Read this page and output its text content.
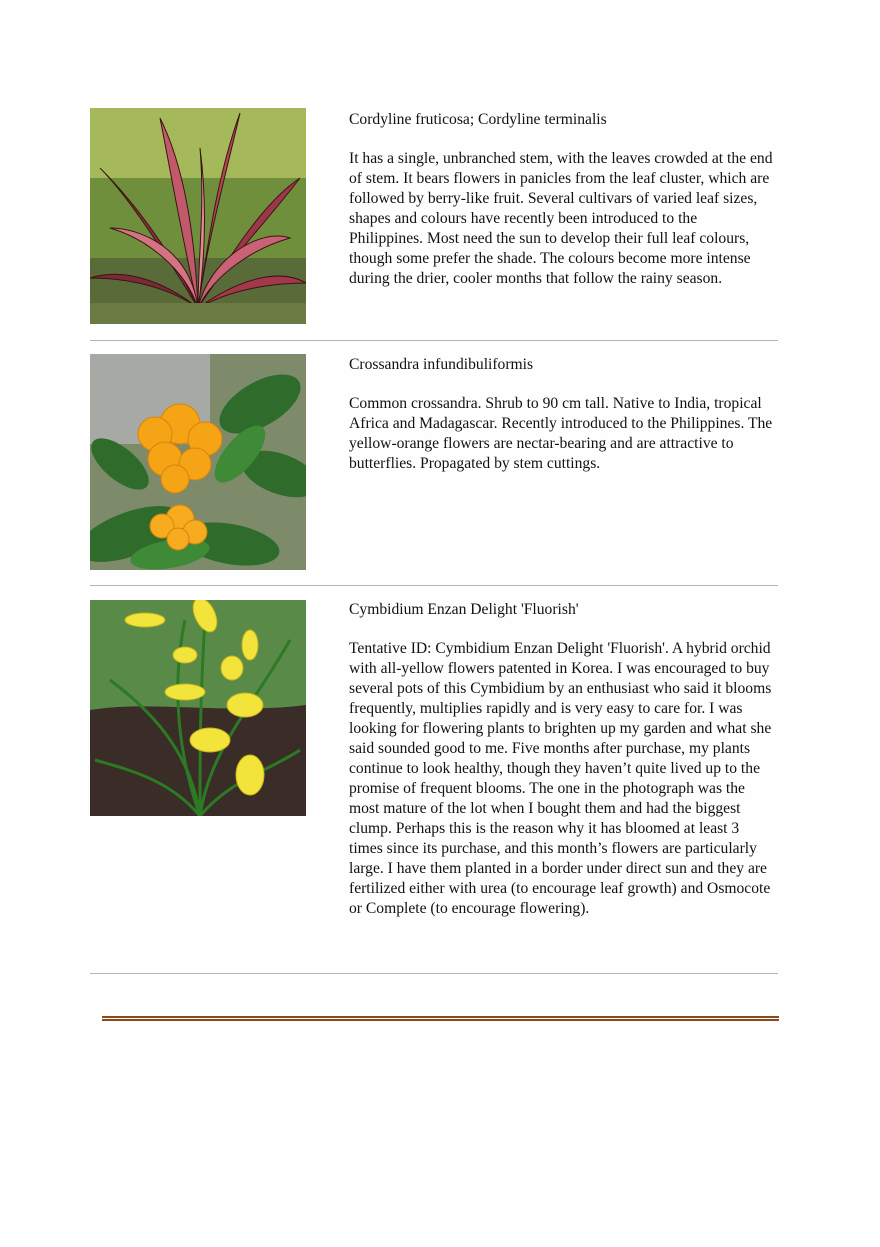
Cordyline fruticosa; Cordyline terminalis

It has a single, unbranched stem, with the leaves crowded at the end of stem. It bears flowers in panicles from the leaf cluster, which are followed by berry-like fruit. Several cultivars of varied leaf sizes, shapes and colours have recently been introduced to the Philippines. Most need the sun to develop their full leaf colours, though some prefer the shade. The colours become more intense during the drier, cooler months that follow the rainy season.

Crossandra infundibuliformis

Common crossandra. Shrub to 90 cm tall. Native to India, tropical Africa and Madagascar. Recently introduced to the Philippines. The yellow-orange flowers are nectar-bearing and are attractive to butterflies. Propagated by stem cuttings.

Cymbidium Enzan Delight 'Fluorish'

Tentative ID: Cymbidium Enzan Delight 'Fluorish'. A hybrid orchid with all-yellow flowers patented in Korea. I was encouraged to buy several pots of this Cymbidium by an enthusiast who said it blooms frequently, multiplies rapidly and is very easy to care for. I was looking for flowering plants to brighten up my garden and what she said sounded good to me. Five months after purchase, my plants continue to look healthy, though they haven’t quite lived up to the promise of frequent blooms. The one in the photograph was the most mature of the lot when I bought them and had the biggest clump. Perhaps this is the reason why it has bloomed at least 3 times since its purchase, and this month’s flowers are particularly large. I have them planted in a border under direct sun and they are fertilized either with urea (to encourage leaf growth) and Osmocote or Complete (to encourage flowering).
